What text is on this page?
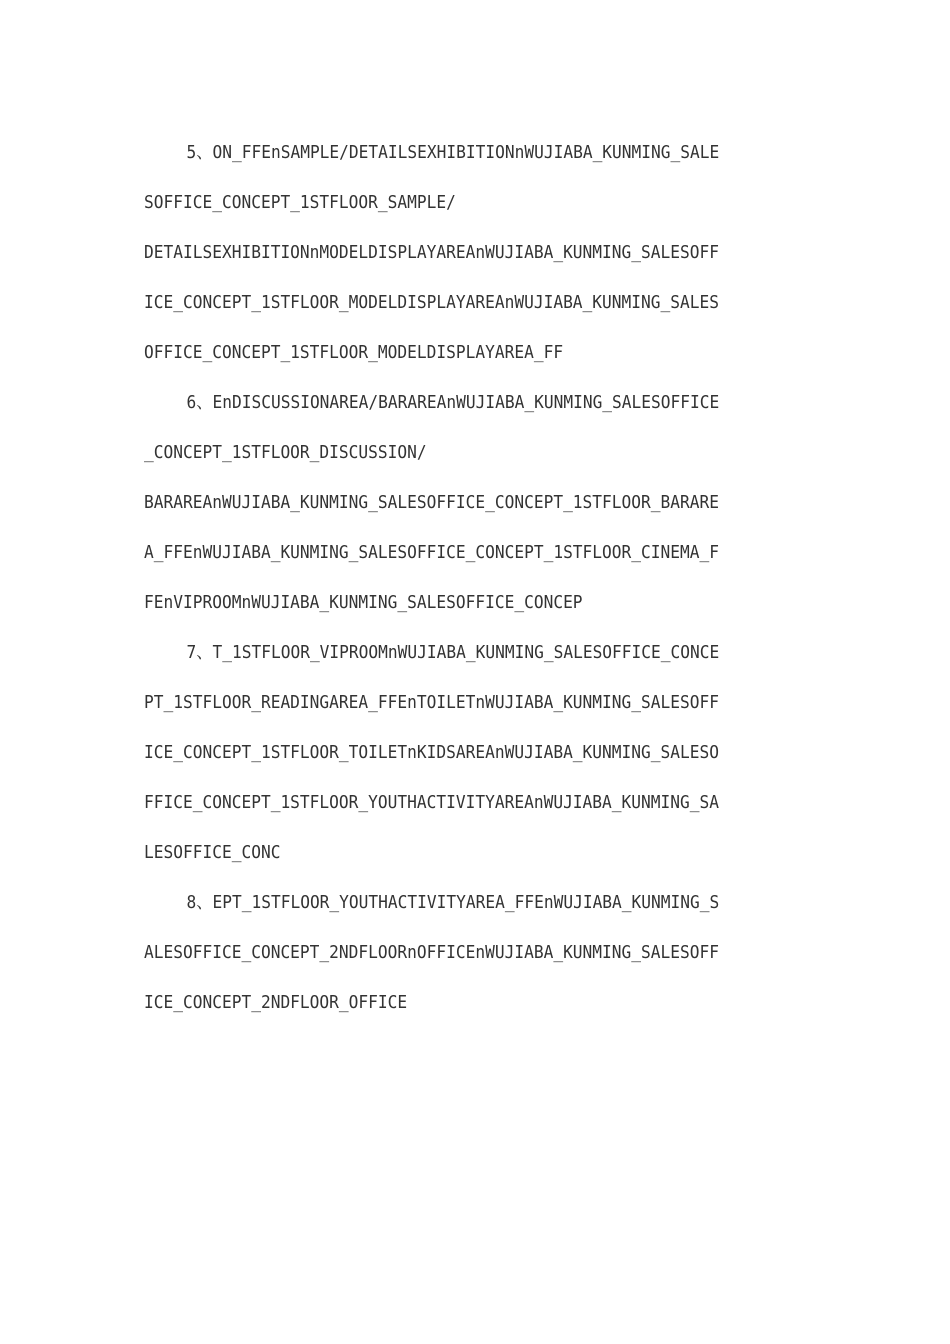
5、ON_FFEnSAMPLE/DETAILSEXHIBITIONnWUJIABA_KUNMING_SALE
SOFFICE_CONCEPT_1STFLOOR_SAMPLE/
DETAILSEXHIBITIONnMODELDISPLAYAREAnWUJIABA_KUNMING_SALESOFF
ICE_CONCEPT_1STFLOOR_MODELDISPLAYAREAnWUJIABA_KUNMING_SALES
OFFICE_CONCEPT_1STFLOOR_MODELDISPLAYAREA_FF
6、EnDISCUSSIONAREA/BARAREAnWUJIABA_KUNMING_SALESOFFICE
_CONCEPT_1STFLOOR_DISCUSSION/
BARAREAnWUJIABA_KUNMING_SALESOFFICE_CONCEPT_1STFLOOR_BARARE
A_FFEnWUJIABA_KUNMING_SALESOFFICE_CONCEPT_1STFLOOR_CINEMA_F
FEnVIPROOMnWUJIABA_KUNMING_SALESOFFICE_CONCEP
7、T_1STFLOOR_VIPROOMnWUJIABA_KUNMING_SALESOFFICE_CONCE
PT_1STFLOOR_READINGAREA_FFEnTOILETnWUJIABA_KUNMING_SALESOFF
ICE_CONCEPT_1STFLOOR_TOILETnKIDSAREAnWUJIABA_KUNMING_SALESO
FFICE_CONCEPT_1STFLOOR_YOUTHACTIVITYAREAnWUJIABA_KUNMING_SA
LESOFFICE_CONC
8、EPT_1STFLOOR_YOUTHACTIVITYAREA_FFEnWUJIABA_KUNMING_S
ALESOFFICE_CONCEPT_2NDFLOORnOFFICEnWUJIABA_KUNMING_SALESOFF
ICE_CONCEPT_2NDFLOOR_OFFICE
